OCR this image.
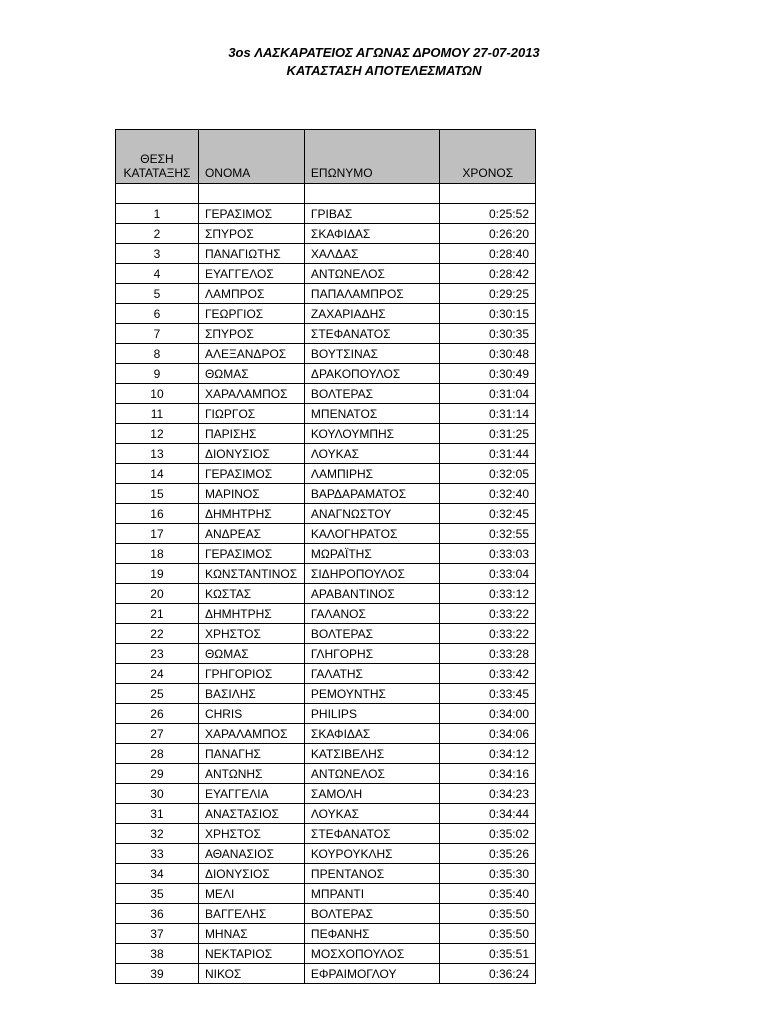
3os ΛΑΣΚΑΡΑΤΕΙΟΣ ΑΓΩΝΑΣ ΔΡΟΜΟΥ 27-07-2013
ΚΑΤΑΣΤΑΣΗ ΑΠΟΤΕΛΕΣΜΑΤΩΝ
ΘΕΣΗ
ΚΑΤΑΤΑΞΗΣ	ΟΝΟΜΑ	ΕΠΩΝΥΜΟ	ΧΡΟΝΟΣ

1	ΓΕΡΑΣΙΜΟΣ	ΓΡΙΒΑΣ	0:25:52
2	ΣΠΥΡΟΣ	ΣΚΑΦΙΔΑΣ	0:26:20
3	ΠΑΝΑΓΙΩΤΗΣ	ΧΑΛΔΑΣ	0:28:40
4	ΕΥΑΓΓΕΛΟΣ	ΑΝΤΩΝΕΛΟΣ	0:28:42
5	ΛΑΜΠΡΟΣ	ΠΑΠΑΛΑΜΠΡΟΣ	0:29:25
6	ΓΕΩΡΓΙΟΣ	ΖΑΧΑΡΙΑΔΗΣ	0:30:15
7	ΣΠΥΡΟΣ	ΣΤΕΦΑΝΑΤΟΣ	0:30:35
8	ΑΛΕΞΑΝΔΡΟΣ	ΒΟΥΤΣΙΝΑΣ	0:30:48
9	ΘΩΜΑΣ	ΔΡΑΚΟΠΟΥΛΟΣ	0:30:49
10	ΧΑΡΑΛΑΜΠΟΣ	ΒΟΛΤΕΡΑΣ	0:31:04
11	ΓΙΩΡΓΟΣ	ΜΠΕΝΑΤΟΣ	0:31:14
12	ΠΑΡΙΣΗΣ	ΚΟΥΛΟΥΜΠΗΣ	0:31:25
13	ΔΙΟΝΥΣΙΟΣ	ΛΟΥΚΑΣ	0:31:44
14	ΓΕΡΑΣΙΜΟΣ	ΛΑΜΠΙΡΗΣ	0:32:05
15	ΜΑΡΙΝΟΣ	ΒΑΡΔΑΡΑΜΑΤΟΣ	0:32:40
16	ΔΗΜΗΤΡΗΣ	ΑΝΑΓΝΩΣΤΟΥ	0:32:45
17	ΑΝΔΡΕΑΣ	ΚΑΛΟΓΗΡΑΤΟΣ	0:32:55
18	ΓΕΡΑΣΙΜΟΣ	ΜΩΡΑΪΤΗΣ	0:33:03
19	ΚΩΝΣΤΑΝΤΙΝΟΣ	ΣΙΔΗΡΟΠΟΥΛΟΣ	0:33:04
20	ΚΩΣΤΑΣ	ΑΡΑΒΑΝΤΙΝΟΣ	0:33:12
21	ΔΗΜΗΤΡΗΣ	ΓΑΛΑΝΟΣ	0:33:22
22	ΧΡΗΣΤΟΣ	ΒΟΛΤΕΡΑΣ	0:33:22
23	ΘΩΜΑΣ	ΓΛΗΓΟΡΗΣ	0:33:28
24	ΓΡΗΓΟΡΙΟΣ	ΓΑΛΑΤΗΣ	0:33:42
25	ΒΑΣΙΛΗΣ	ΡΕΜΟΥΝΤΗΣ	0:33:45
26	CHRIS	PHILIPS	0:34:00
27	ΧΑΡΑΛΑΜΠΟΣ	ΣΚΑΦΙΔΑΣ	0:34:06
28	ΠΑΝΑΓΗΣ	ΚΑΤΣΙΒΕΛΗΣ	0:34:12
29	ΑΝΤΩΝΗΣ	ΑΝΤΩΝΕΛΟΣ	0:34:16
30	ΕΥΑΓΓΕΛΙΑ	ΣΑΜΟΛΗ	0:34:23
31	ΑΝΑΣΤΑΣΙΟΣ	ΛΟΥΚΑΣ	0:34:44
32	ΧΡΗΣΤΟΣ	ΣΤΕΦΑΝΑΤΟΣ	0:35:02
33	ΑΘΑΝΑΣΙΟΣ	ΚΟΥΡΟΥΚΛΗΣ	0:35:26
34	ΔΙΟΝΥΣΙΟΣ	ΠΡΕΝΤΑΝΟΣ	0:35:30
35	ΜΕΛΙ	ΜΠΡΑΝΤΙ	0:35:40
36	ΒΑΓΓΕΛΗΣ	ΒΟΛΤΕΡΑΣ	0:35:50
37	ΜΗΝΑΣ	ΠΕΦΑΝΗΣ	0:35:50
38	ΝΕΚΤΑΡΙΟΣ	ΜΟΣΧΟΠΟΥΛΟΣ	0:35:51
39	ΝΙΚΟΣ	ΕΦΡΑΙΜΟΓΛΟΥ	0:36:24
